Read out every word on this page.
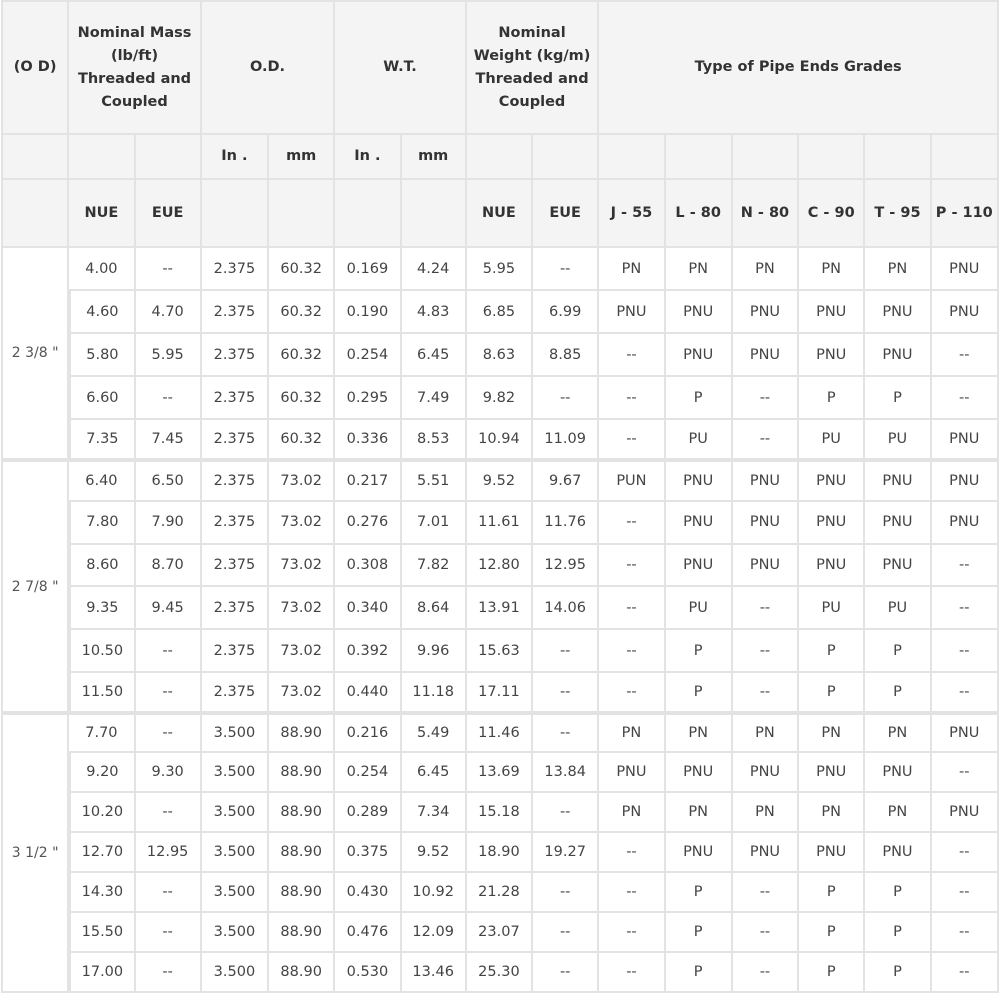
(O D)	Nominal Mass (lb/ft) Threaded and Coupled		O.D.		W.T.		Nominal Weight (kg/m) Threaded and Coupled		Type of Pipe Ends Grades					
			In .	mm	In .	mm								
	NUE	EUE					NUE	EUE	J - 55	L - 80	N - 80	C - 90	T - 95	P - 110
2 3/8 "	4.00	--	2.375	60.32	0.169	4.24	5.95	--	PN	PN	PN	PN	PN	PNU
	4.60	4.70	2.375	60.32	0.190	4.83	6.85	6.99	PNU	PNU	PNU	PNU	PNU	PNU
	5.80	5.95	2.375	60.32	0.254	6.45	8.63	8.85	--	PNU	PNU	PNU	PNU	--
	6.60	--	2.375	60.32	0.295	7.49	9.82	--	--	P	--	P	P	--
	7.35	7.45	2.375	60.32	0.336	8.53	10.94	11.09	--	PU	--	PU	PU	PNU
2 7/8 "	6.40	6.50	2.375	73.02	0.217	5.51	9.52	9.67	PUN	PNU	PNU	PNU	PNU	PNU
	7.80	7.90	2.375	73.02	0.276	7.01	11.61	11.76	--	PNU	PNU	PNU	PNU	PNU
	8.60	8.70	2.375	73.02	0.308	7.82	12.80	12.95	--	PNU	PNU	PNU	PNU	--
	9.35	9.45	2.375	73.02	0.340	8.64	13.91	14.06	--	PU	--	PU	PU	--
	10.50	--	2.375	73.02	0.392	9.96	15.63	--	--	P	--	P	P	--
	11.50	--	2.375	73.02	0.440	11.18	17.11	--	--	P	--	P	P	--
3 1/2 "	7.70	--	3.500	88.90	0.216	5.49	11.46	--	PN	PN	PN	PN	PN	PNU
	9.20	9.30	3.500	88.90	0.254	6.45	13.69	13.84	PNU	PNU	PNU	PNU	PNU	--
	10.20	--	3.500	88.90	0.289	7.34	15.18	--	PN	PN	PN	PN	PN	PNU
	12.70	12.95	3.500	88.90	0.375	9.52	18.90	19.27	--	PNU	PNU	PNU	PNU	--
	14.30	--	3.500	88.90	0.430	10.92	21.28	--	--	P	--	P	P	--
	15.50	--	3.500	88.90	0.476	12.09	23.07	--	--	P	--	P	P	--
	17.00	--	3.500	88.90	0.530	13.46	25.30	--	--	P	--	P	P	--
